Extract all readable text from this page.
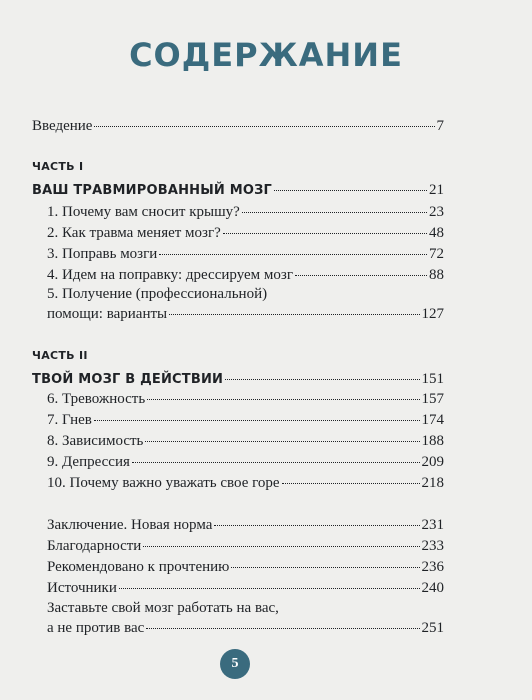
СОДЕРЖАНИЕ
Введение	7
ЧАСТЬ I
ВАШ ТРАВМИРОВАННЫЙ МОЗГ	21
1. Почему вам сносит крышу?	23
2. Как травма меняет мозг?	48
3. Поправь мозги	72
4. Идем на поправку: дрессируем мозг	88
5. Получение (профессиональной)
помощи: варианты	127
ЧАСТЬ II
ТВОЙ МОЗГ В ДЕЙСТВИИ	151
6. Тревожность	157
7. Гнев	174
8. Зависимость	188
9. Депрессия	209
10. Почему важно уважать свое горе	218
Заключение. Новая норма	231
Благодарности	233
Рекомендовано к прочтению	236
Источники	240
Заставьте свой мозг работать на вас,
а не против вас	251
5
